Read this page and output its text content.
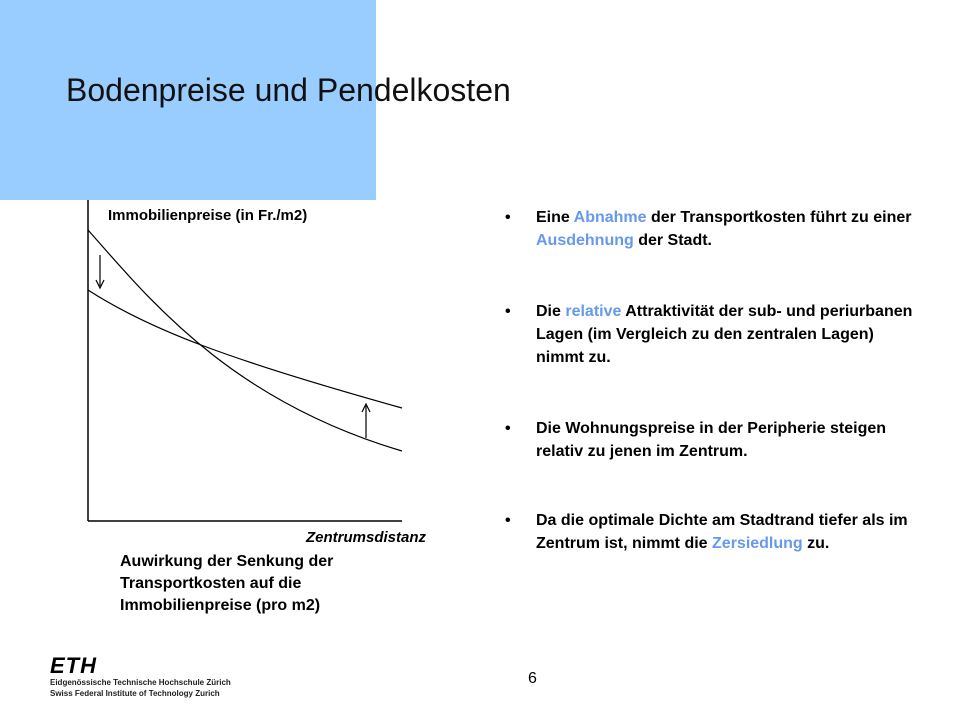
Bodenpreise und Pendelkosten
Immobilienpreise (in Fr./m2)
Zentrumsdistanz
Auwirkung der Senkung der Transportkosten auf die Immobilienpreise (pro m2)
• Eine Abnahme der Transportkosten führt zu einer Ausdehnung der Stadt.
• Die relative Attraktivität der sub- und periurbanen Lagen (im Vergleich zu den zentralen Lagen) nimmt zu.
• Die Wohnungspreise in der Peripherie steigen relativ zu jenen im Zentrum.
• Da die optimale Dichte am Stadtrand tiefer als im Zentrum ist, nimmt die Zersiedlung zu.
ETH
Eidgenössische Technische Hochschule Zürich
Swiss Federal Institute of Technology Zurich
6
